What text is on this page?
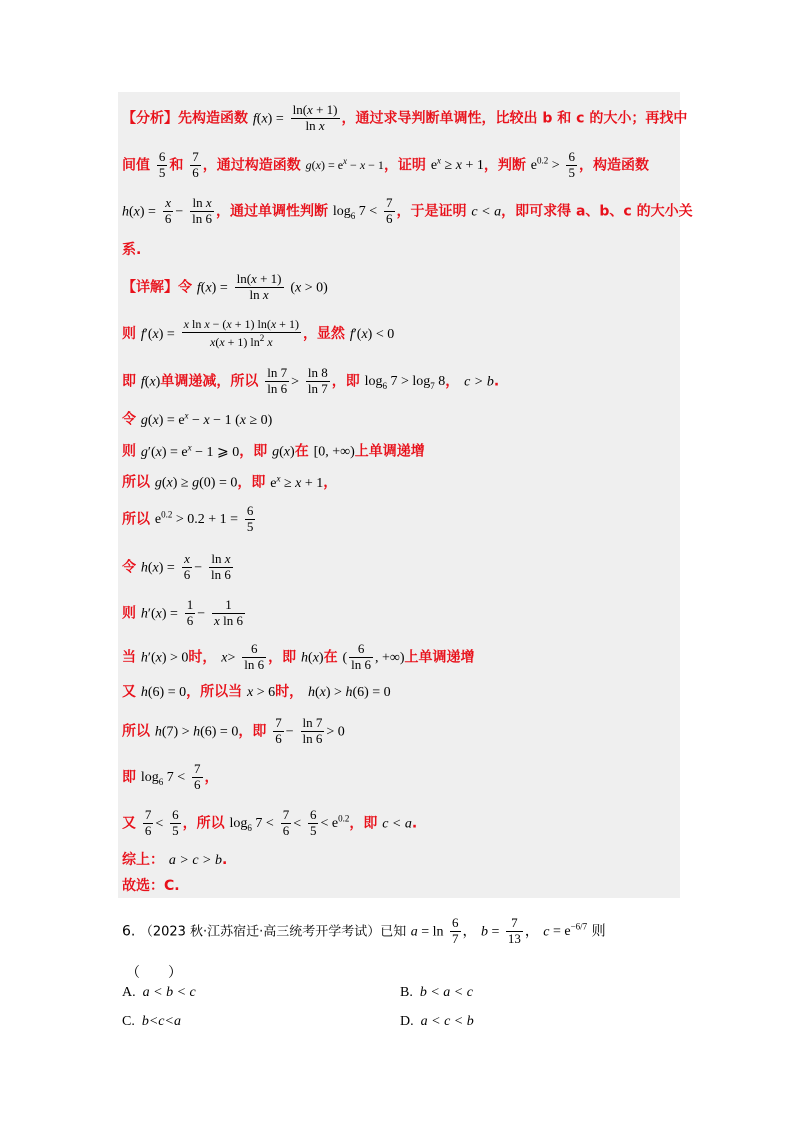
【分析】先构造函数 $f(x) = \frac{\ln(x + 1)}{\text{ln x}}$ ，通过求导判断单调性，比较出 b 和 c 的大小；再找中
间值 $\frac{6}{5}$ 和 $\frac{7}{6}$ ，通过构造函数 $g(x) = e^x - x - 1$，证明 $e^x \ge x + 1$，判断 $e^{0.2} > \frac{6}{5}$ ，构造函数
$h(x) = \frac{x}{6} - \frac{\text{ln x}}{\ln 6}$ ，通过单调性判断 $\log_6 7 < \frac{7}{6}$ ，于是证明 c < a，即可求得 a、b、c 的大小关
系.
【详解】令 $f(x) = \frac{\ln(x + 1)}{\text{ln x}} (x > 0)$
则 $f'(x) = \frac{\text{x ln x − (x + 1) ln(x + 1)}}{x(x + 1) \ln^2 x}$ ，显然 f′(x) < 0
即 f(x)单调递减，所以 $\frac{\ln 7}{\ln 6} > \frac{\ln 8}{\ln 7}$ ，即 $\log_6 7 > \log_7 8$， c > b.
令 $g(x) = e^x - x - 1$ (x ≥ 0)
则 $g'(x) = e^x - 1$ ⩾ 0，即 g(x)在 [0, +∞)上单调递增
所以 g(x) ≥ g(0) = 0，即 $e^x \ge x + 1$，
所以 $e^{0.2} > 0.2 + 1 = \frac{6}{5}$
令 $h(x) = \frac{x}{6} - \frac{\text{ln x}}{\ln 6}$
则 $h'(x) = \frac{1}{6} - \frac{1}{\text{x ln 6}}$
当 h′(x) > 0时， $x> \frac{6}{\ln 6}$ ，即 h(x)在 ( $\frac{6}{\ln 6}$ , +∞)上单调递增
又 h(6) = 0，所以当 x > 6时， h(x) > h(6) = 0
所以 h(7) > h(6) = 0，即 $\frac{7}{6} - \frac{\ln 7}{\ln 6} > 0$
即 $\log_6 7 < \frac{7}{6}$ ，
又 $\frac{7}{6} < \frac{6}{5}$ ，所以 $\log_6 7 < \frac{7}{6} < \frac{6}{5} < e^{0.2}$，即 c < a.
综上： a > c > b.
故选：C.
6. （2023 秋·江苏宿迁·高三统考开学考试）已知 $a = \ln \frac{6}{7}$ ， $b = \frac{7}{13}$ ， $c = e^{-6/7}$ 则
（　　）
A. a < b < c	B. b < a < c
C. b<c<a	D. a < c < b
